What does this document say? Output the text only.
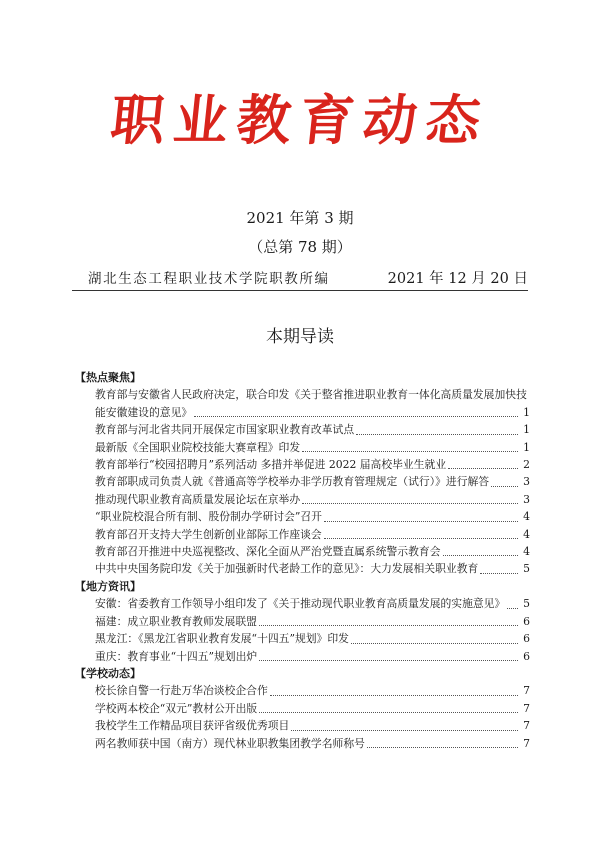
职业教育动态
2021 年第 3 期
（总第 78 期）
湖北生态工程职业技术学院职教所编	2021 年 12 月 20 日
本期导读
【热点聚焦】
教育部与安徽省人民政府决定，联合印发《关于整省推进职业教育一体化高质量发展加快技
能安徽建设的意见》	1
教育部与河北省共同开展保定市国家职业教育改革试点	1
最新版《全国职业院校技能大赛章程》印发	1
教育部举行“校园招聘月”系列活动 多措并举促进 2022 届高校毕业生就业	2
教育部职成司负责人就《普通高等学校举办非学历教育管理规定（试行）》进行解答	3
推动现代职业教育高质量发展论坛在京举办	3
“职业院校混合所有制、股份制办学研讨会”召开	4
教育部召开支持大学生创新创业部际工作座谈会	4
教育部召开推进中央巡视整改、深化全面从严治党暨直属系统警示教育会	4
中共中央国务院印发《关于加强新时代老龄工作的意见》：大力发展相关职业教育	5
【地方资讯】
安徽：省委教育工作领导小组印发了《关于推动现代职业教育高质量发展的实施意见》 5
福建：成立职业教育教师发展联盟	6
黑龙江：《黑龙江省职业教育发展“十四五”规划》印发	6
重庆：教育事业“十四五”规划出炉	6
【学校动态】
校长徐自警一行赴万华冶谈校企合作	7
学校两本校企“双元”教材公开出版	7
我校学生工作精品项目获评省级优秀项目	7
两名教师获中国（南方）现代林业职教集团教学名师称号	7
